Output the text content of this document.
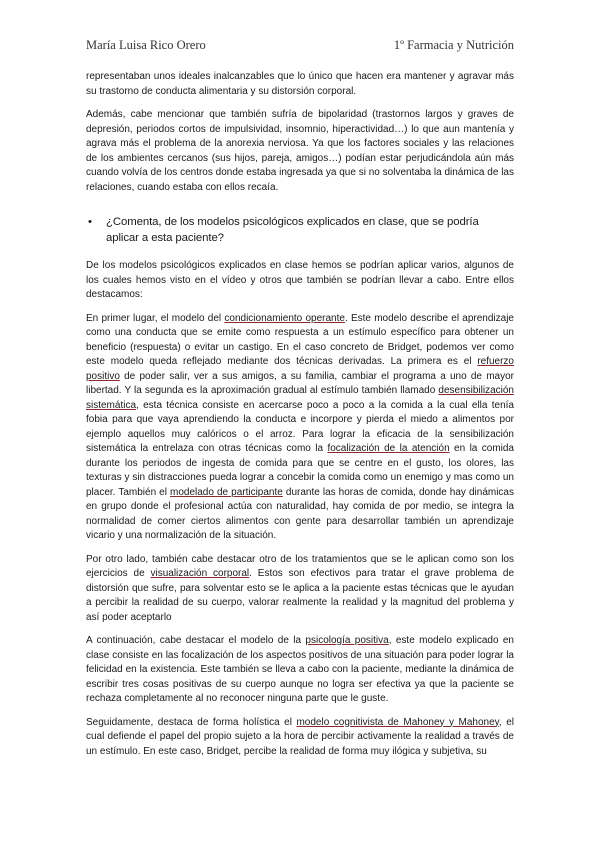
María Luisa Rico Orero	1º Farmacia y Nutrición

representaban unos ideales inalcanzables que lo único que hacen era mantener y agravar más su trastorno de conducta alimentaria y su distorsión corporal.

Además, cabe mencionar que también sufría de bipolaridad (trastornos largos y graves de depresión, periodos cortos de impulsividad, insomnio, hiperactividad…) lo que aun mantenía y agrava más el problema de la anorexia nerviosa. Ya que los factores sociales y las relaciones de los ambientes cercanos (sus hijos, pareja, amigos…) podían estar perjudicándola aún más cuando volvía de los centros donde estaba ingresada ya que si no solventaba la dinámica de las relaciones, cuando estaba con ellos recaía.

• ¿Comenta, de los modelos psicológicos explicados en clase, que se podría aplicar a esta paciente?

De los modelos psicológicos explicados en clase hemos se podrían aplicar varios, algunos de los cuales hemos visto en el vídeo y otros que también se podrían llevar a cabo. Entre ellos destacamos:

En primer lugar, el modelo del condicionamiento operante. Este modelo describe el aprendizaje como una conducta que se emite como respuesta a un estímulo específico para obtener un beneficio (respuesta) o evitar un castigo. En el caso concreto de Bridget, podemos ver como este modelo queda reflejado mediante dos técnicas derivadas. La primera es el refuerzo positivo de poder salir, ver a sus amigos, a su familia, cambiar el programa a uno de mayor libertad. Y la segunda es la aproximación gradual al estímulo también llamado desensibilización sistemática, esta técnica consiste en acercarse poco a poco a la comida a la cual ella tenía fobia para que vaya aprendiendo la conducta e incorpore y pierda el miedo a alimentos por ejemplo aquellos muy calóricos o el arroz. Para lograr la eficacia de la sensibilización sistemática la entrelaza con otras técnicas como la focalización de la atención en la comida durante los periodos de ingesta de comida para que se centre en el gusto, los olores, las texturas y sin distracciones pueda lograr a concebir la comida como un enemigo y mas como un placer. También el modelado de participante durante las horas de comida, donde hay dinámicas en grupo donde el profesional actúa con naturalidad, hay comida de por medio, se integra la normalidad de comer ciertos alimentos con gente para desarrollar también un aprendizaje vicario y una normalización de la situación.

Por otro lado, también cabe destacar otro de los tratamientos que se le aplican como son los ejercicios de visualización corporal. Estos son efectivos para tratar el grave problema de distorsión que sufre, para solventar esto se le aplica a la paciente estas técnicas que le ayudan a percibir la realidad de su cuerpo, valorar realmente la realidad y la magnitud del problema y así poder aceptarlo

A continuación, cabe destacar el modelo de la psicología positiva, este modelo explicado en clase consiste en las focalización de los aspectos positivos de una situación para poder lograr la felicidad en la existencia. Este también se lleva a cabo con la paciente, mediante la dinámica de escribir tres cosas positivas de su cuerpo aunque no logra ser efectiva ya que la paciente se rechaza completamente al no reconocer ninguna parte que le guste.

Seguidamente, destaca de forma holística el modelo cognitivista de Mahoney y Mahoney, el cual defiende el papel del propio sujeto a la hora de percibir activamente la realidad a través de un estímulo. En este caso, Bridget, percibe la realidad de forma muy ilógica y subjetiva, su
